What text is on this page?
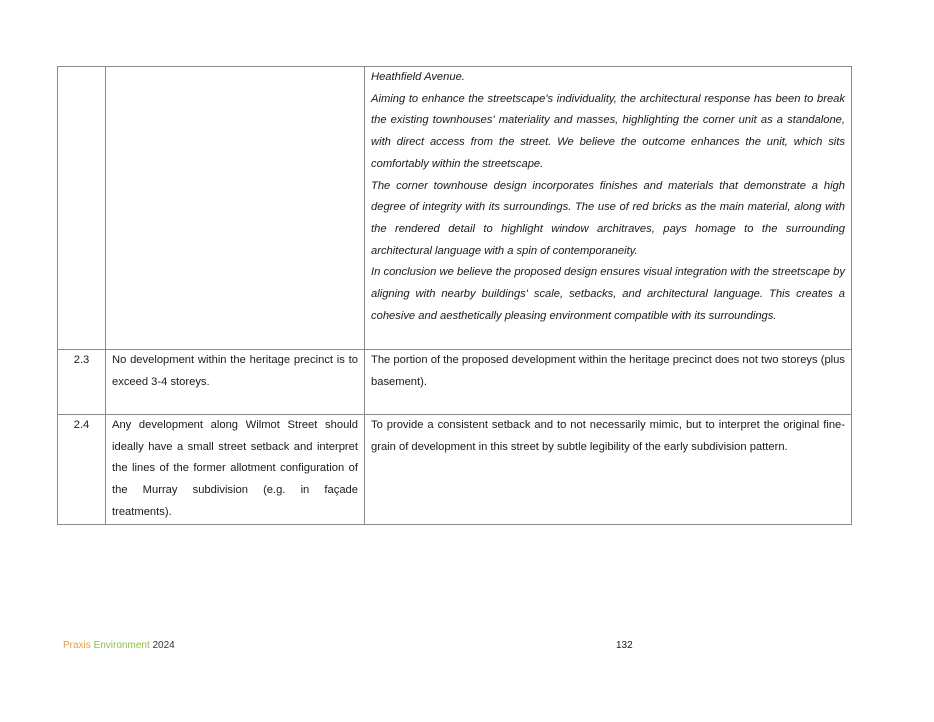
		Heathfield Avenue.

Aiming to enhance the streetscape's individuality, the architectural response has been to break the existing townhouses' materiality and masses, highlighting the corner unit as a standalone, with direct access from the street. We believe the outcome enhances the unit, which sits comfortably within the streetscape.

The corner townhouse design incorporates finishes and materials that demonstrate a high degree of integrity with its surroundings. The use of red bricks as the main material, along with the rendered detail to highlight window architraves, pays homage to the surrounding architectural language with a spin of contemporaneity.

In conclusion we believe the proposed design ensures visual integration with the streetscape by aligning with nearby buildings' scale, setbacks, and architectural language. This creates a cohesive and aesthetically pleasing environment compatible with its surroundings.

2.3	No development within the heritage precinct is to exceed 3-4 storeys.	The portion of the proposed development within the heritage precinct does not two storeys (plus basement).

2.4	Any development along Wilmot Street should ideally have a small street setback and interpret the lines of the former allotment configuration of the Murray subdivision (e.g. in façade treatments).	To provide a consistent setback and to not necessarily mimic, but to interpret the original fine-grain of development in this street by subtle legibility of the early subdivision pattern.

Praxis Environment 2024	132
